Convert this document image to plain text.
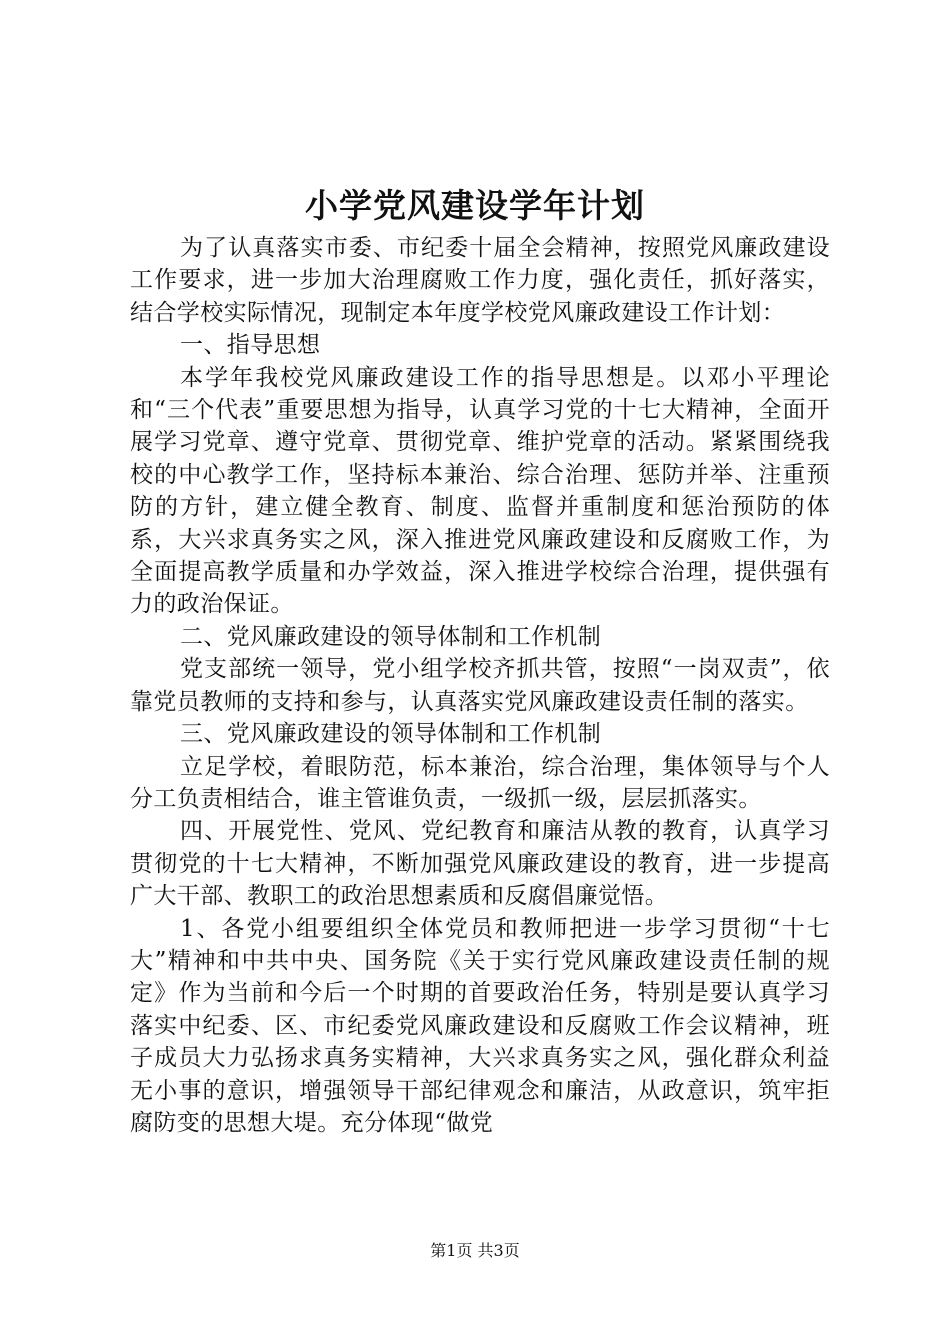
小学党风建设学年计划

为了认真落实市委、市纪委十届全会精神，按照党风廉政建设工作要求，进一步加大治理腐败工作力度，强化责任，抓好落实，结合学校实际情况，现制定本年度学校党风廉政建设工作计划：

一、指导思想

本学年我校党风廉政建设工作的指导思想是。以邓小平理论和“三个代表”重要思想为指导，认真学习党的十七大精神，全面开展学习党章、遵守党章、贯彻党章、维护党章的活动。紧紧围绕我校的中心教学工作，坚持标本兼治、综合治理、惩防并举、注重预防的方针，建立健全教育、制度、监督并重制度和惩治预防的体系，大兴求真务实之风，深入推进党风廉政建设和反腐败工作，为全面提高教学质量和办学效益，深入推进学校综合治理，提供强有力的政治保证。

二、党风廉政建设的领导体制和工作机制

党支部统一领导，党小组学校齐抓共管，按照“一岗双责”，依靠党员教师的支持和参与，认真落实党风廉政建设责任制的落实。

三、党风廉政建设的领导体制和工作机制

立足学校，着眼防范，标本兼治，综合治理，集体领导与个人分工负责相结合，谁主管谁负责，一级抓一级，层层抓落实。

四、开展党性、党风、党纪教育和廉洁从教的教育，认真学习贯彻党的十七大精神，不断加强党风廉政建设的教育，进一步提高广大干部、教职工的政治思想素质和反腐倡廉觉悟。

1、各党小组要组织全体党员和教师把进一步学习贯彻“十七大”精神和中共中央、国务院《关于实行党风廉政建设责任制的规定》作为当前和今后一个时期的首要政治任务，特别是要认真学习落实中纪委、区、市纪委党风廉政建设和反腐败工作会议精神，班子成员大力弘扬求真务实精神，大兴求真务实之风，强化群众利益无小事的意识，增强领导干部纪律观念和廉洁，从政意识，筑牢拒腐防变的思想大堤。充分体现“做党

第1页 共3页
